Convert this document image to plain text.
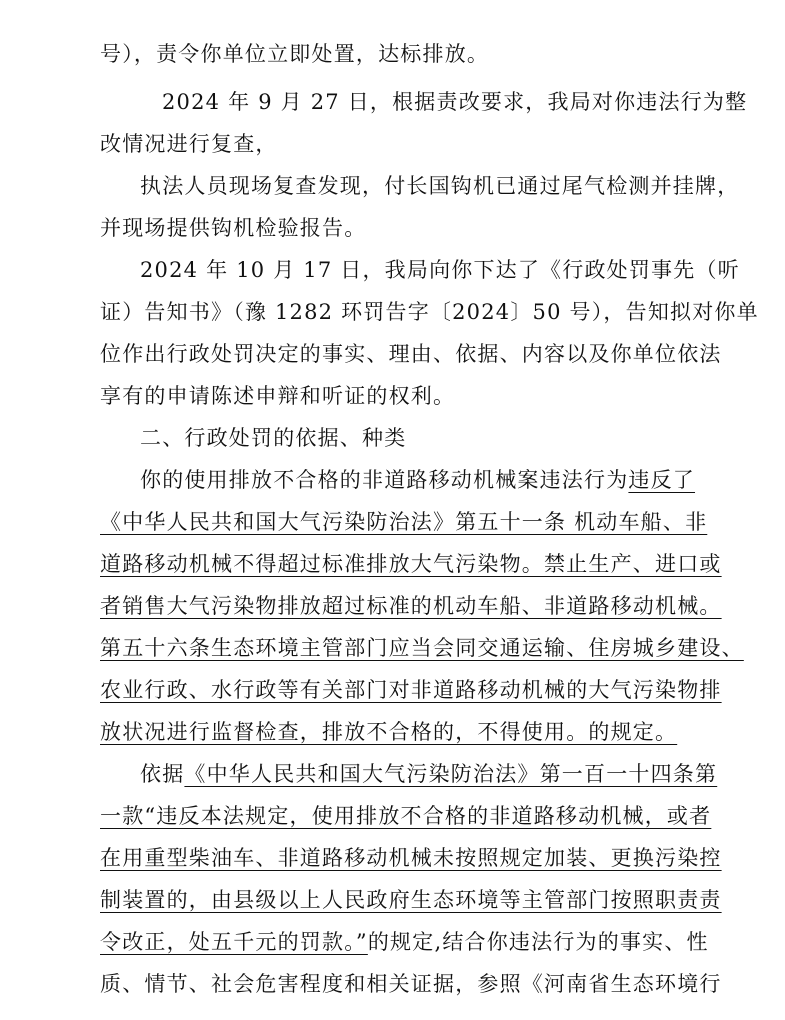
号），责令你单位立即处置，达标排放。
2024 年 9 月 27 日，根据责改要求，我局对你违法行为整
改情况进行复查，
执法人员现场复查发现，付长国钩机已通过尾气检测并挂牌，
并现场提供钩机检验报告。
2024 年 10 月 17 日，我局向你下达了《行政处罚事先（听
证）告知书》（豫 1282 环罚告字〔2024〕50 号），告知拟对你单
位作出行政处罚决定的事实、理由、依据、内容以及你单位依法
享有的申请陈述申辩和听证的权利。
二、行政处罚的依据、种类
你的使用排放不合格的非道路移动机械案违法行为违反了
《中华人民共和国大气污染防治法》第五十一条 机动车船、非
道路移动机械不得超过标准排放大气污染物。禁止生产、进口或
者销售大气污染物排放超过标准的机动车船、非道路移动机械。
第五十六条生态环境主管部门应当会同交通运输、住房城乡建设、
农业行政、水行政等有关部门对非道路移动机械的大气污染物排
放状况进行监督检查，排放不合格的，不得使用。的规定。
依据《中华人民共和国大气污染防治法》第一百一十四条第
一款“违反本法规定，使用排放不合格的非道路移动机械，或者
在用重型柴油车、非道路移动机械未按照规定加装、更换污染控
制装置的，由县级以上人民政府生态环境等主管部门按照职责责
令改正，处五千元的罚款。”的规定,结合你违法行为的事实、性
质、情节、社会危害程度和相关证据，参照《河南省生态环境行
